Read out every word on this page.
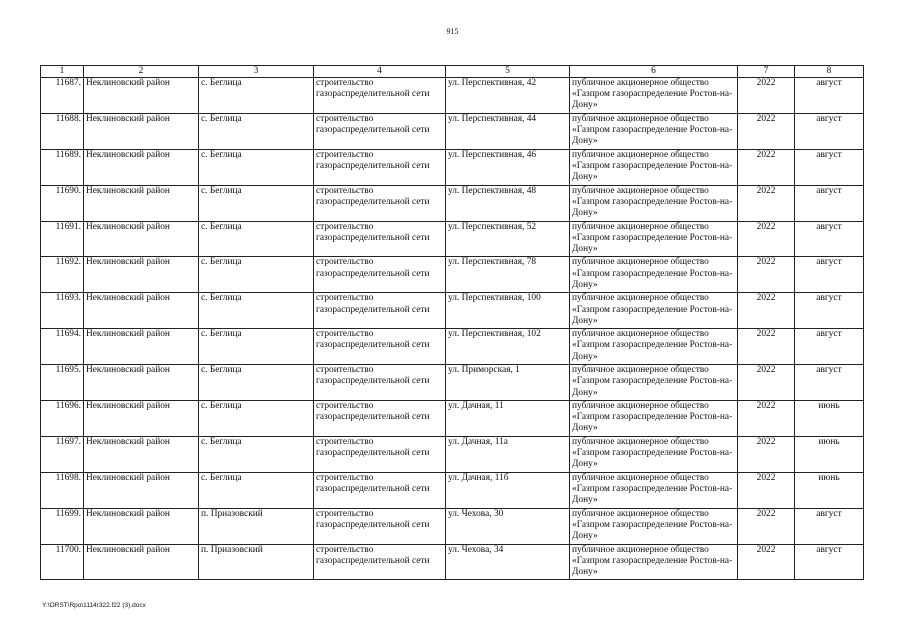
915
1	2	3	4	5	6	7	8
11687.	Неклиновский район	с. Беглица	строительство газораспределительной сети	ул. Перспективная, 42	публичное акционерное общество «Газпром газораспределение Ростов-на-Дону»	2022	август
11688.	Неклиновский район	с. Беглица	строительство газораспределительной сети	ул. Перспективная, 44	публичное акционерное общество «Газпром газораспределение Ростов-на-Дону»	2022	август
11689.	Неклиновский район	с. Беглица	строительство газораспределительной сети	ул. Перспективная, 46	публичное акционерное общество «Газпром газораспределение Ростов-на-Дону»	2022	август
11690.	Неклиновский район	с. Беглица	строительство газораспределительной сети	ул. Перспективная, 48	публичное акционерное общество «Газпром газораспределение Ростов-на-Дону»	2022	август
11691.	Неклиновский район	с. Беглица	строительство газораспределительной сети	ул. Перспективная, 52	публичное акционерное общество «Газпром газораспределение Ростов-на-Дону»	2022	август
11692.	Неклиновский район	с. Беглица	строительство газораспределительной сети	ул. Перспективная, 78	публичное акционерное общество «Газпром газораспределение Ростов-на-Дону»	2022	август
11693.	Неклиновский район	с. Беглица	строительство газораспределительной сети	ул. Перспективная, 100	публичное акционерное общество «Газпром газораспределение Ростов-на-Дону»	2022	август
11694.	Неклиновский район	с. Беглица	строительство газораспределительной сети	ул. Перспективная, 102	публичное акционерное общество «Газпром газораспределение Ростов-на-Дону»	2022	август
11695.	Неклиновский район	с. Беглица	строительство газораспределительной сети	ул. Приморская, 1	публичное акционерное общество «Газпром газораспределение Ростов-на-Дону»	2022	август
11696.	Неклиновский район	с. Беглица	строительство газораспределительной сети	ул. Дачная, 11	публичное акционерное общество «Газпром газораспределение Ростов-на-Дону»	2022	июнь
11697.	Неклиновский район	с. Беглица	строительство газораспределительной сети	ул. Дачная, 11а	публичное акционерное общество «Газпром газораспределение Ростов-на-Дону»	2022	июнь
11698.	Неклиновский район	с. Беглица	строительство газораспределительной сети	ул. Дачная, 11б	публичное акционерное общество «Газпром газораспределение Ростов-на-Дону»	2022	июнь
11699.	Неклиновский район	п. Приазовский	строительство газораспределительной сети	ул. Чехова, 30	публичное акционерное общество «Газпром газораспределение Ростов-на-Дону»	2022	август
11700.	Неклиновский район	п. Приазовский	строительство газораспределительной сети	ул. Чехова, 34	публичное акционерное общество «Газпром газораспределение Ростов-на-Дону»	2022	август
Y:\ORST\Rpo\1114r322.f22 (3).docx
